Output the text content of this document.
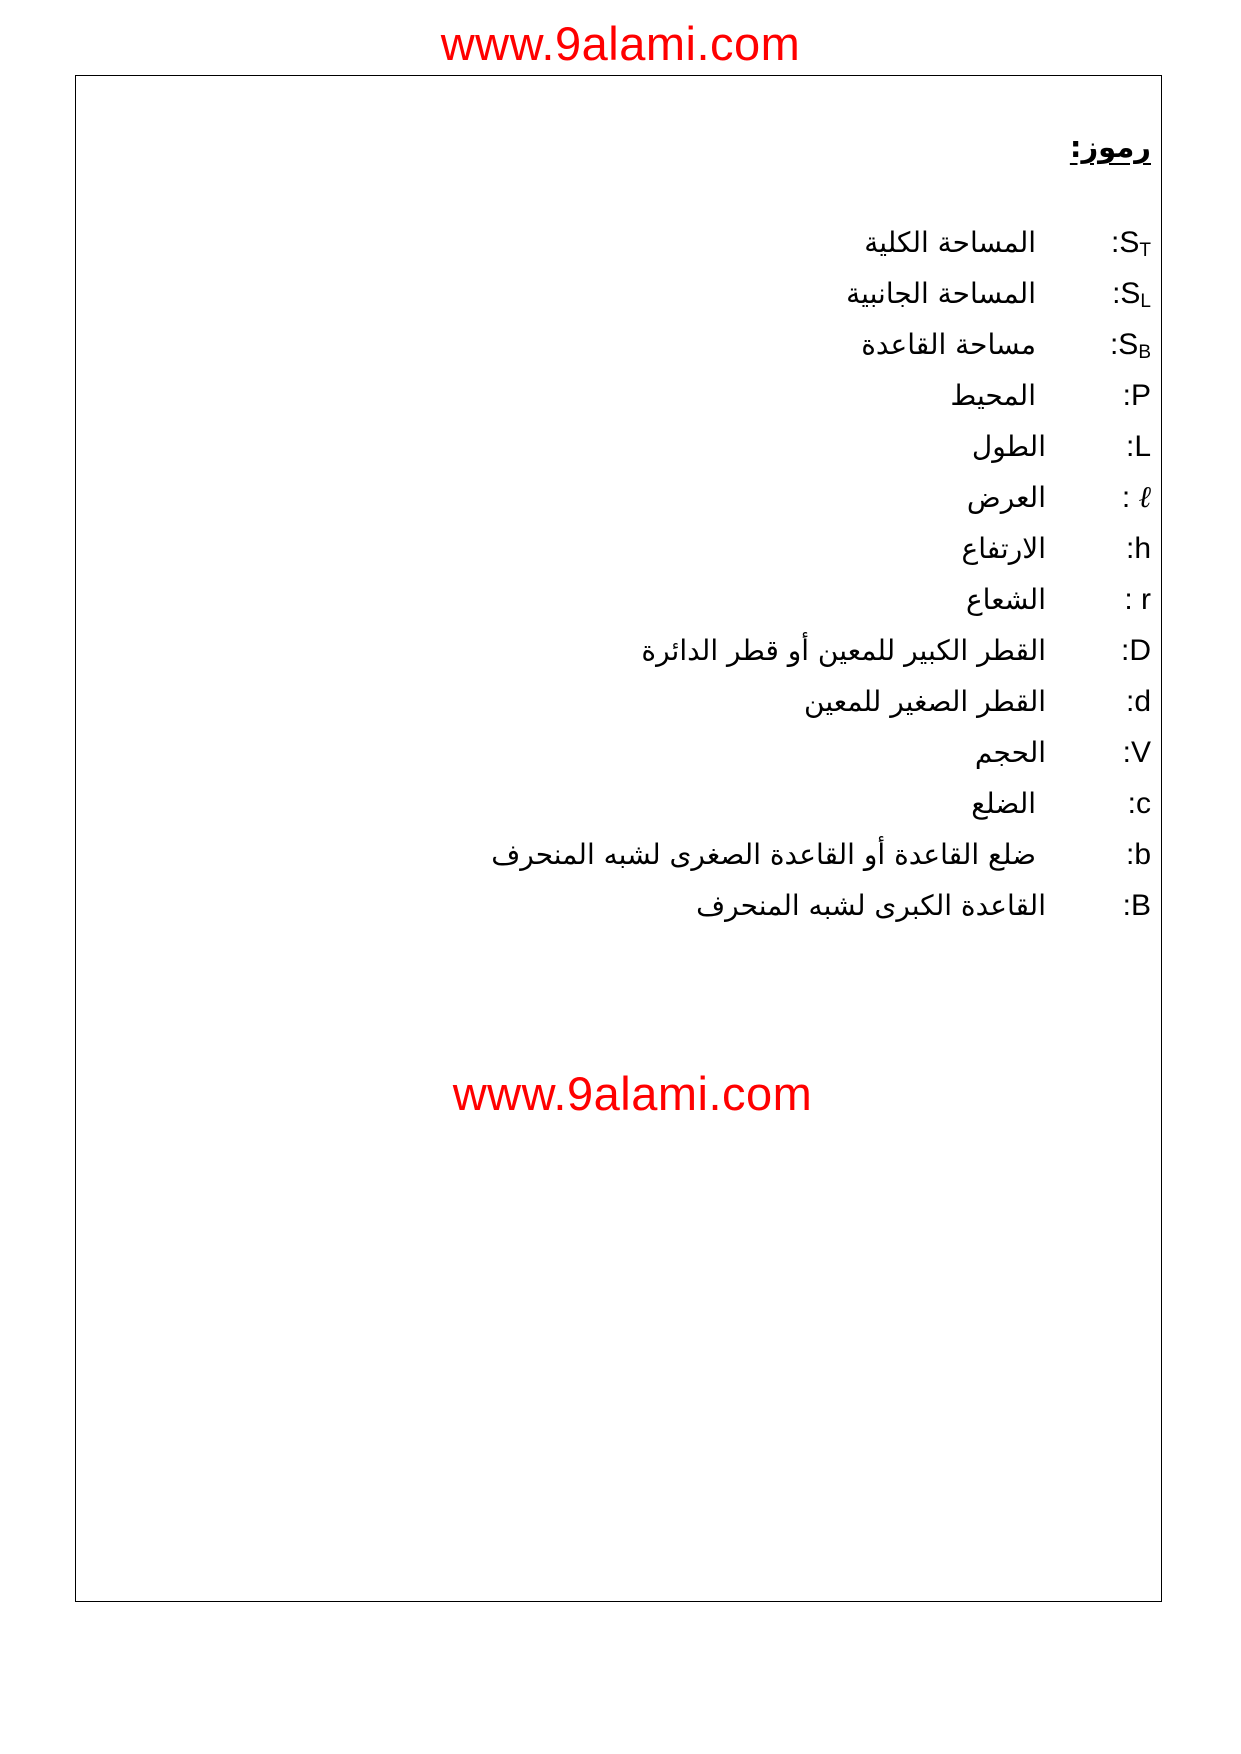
www.9alami.com
رموز:
$:S_T$
المساحة الكلية
$:S_L$
المساحة الجانبية
$:S_B$
مساحة القاعدة
:P
المحيط
:L
الطول
: ℓ
العرض
:h
الارتفاع
: r
الشعاع
:D
القطر الكبير للمعين أو قطر الدائرة
:d
القطر الصغير للمعين
:V
الحجم
:c
الضلع
:b
ضلع القاعدة أو القاعدة الصغرى لشبه المنحرف
:B
القاعدة الكبرى لشبه المنحرف
www.9alami.com
